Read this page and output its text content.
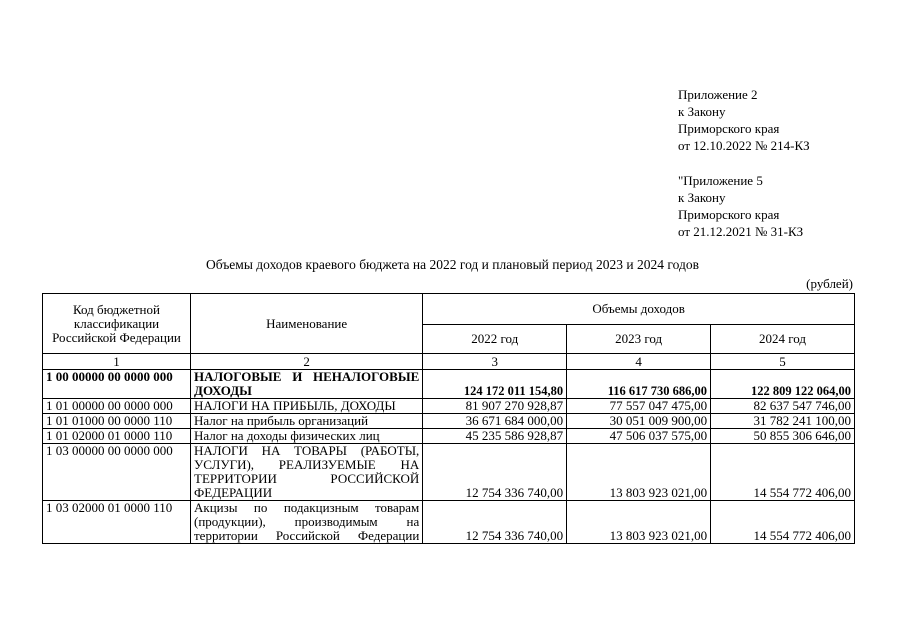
Приложение 2
к Закону
Приморского края
от 12.10.2022 № 214-КЗ
"Приложение 5
к Закону
Приморского края
от 21.12.2021 № 31-КЗ
Объемы доходов краевого бюджета на 2022 год и плановый период 2023 и 2024 годов
(рублей)
Код бюджетной классификации Российской Федерации	Наименование	Объемы доходов		
		2022 год	2023 год	2024 год
1	2	3	4	5
1 00 00000 00 0000 000	НАЛОГОВЫЕ И НЕНАЛОГОВЫЕ ДОХОДЫ	124 172 011 154,80	116 617 730 686,00	122 809 122 064,00
1 01 00000 00 0000 000	НАЛОГИ НА ПРИБЫЛЬ, ДОХОДЫ	81 907 270 928,87	77 557 047 475,00	82 637 547 746,00
1 01 01000 00 0000 110	Налог на прибыль организаций	36 671 684 000,00	30 051 009 900,00	31 782 241 100,00
1 01 02000 01 0000 110	Налог на доходы физических лиц	45 235 586 928,87	47 506 037 575,00	50 855 306 646,00
1 03 00000 00 0000 000	НАЛОГИ НА ТОВАРЫ (РАБОТЫ, УСЛУГИ), РЕАЛИЗУЕМЫЕ НА ТЕРРИТОРИИ РОССИЙСКОЙ ФЕДЕРАЦИИ	12 754 336 740,00	13 803 923 021,00	14 554 772 406,00
1 03 02000 01 0000 110	Акцизы по подакцизным товарам (продукции), производимым на территории Российской Федерации	12 754 336 740,00	13 803 923 021,00	14 554 772 406,00
